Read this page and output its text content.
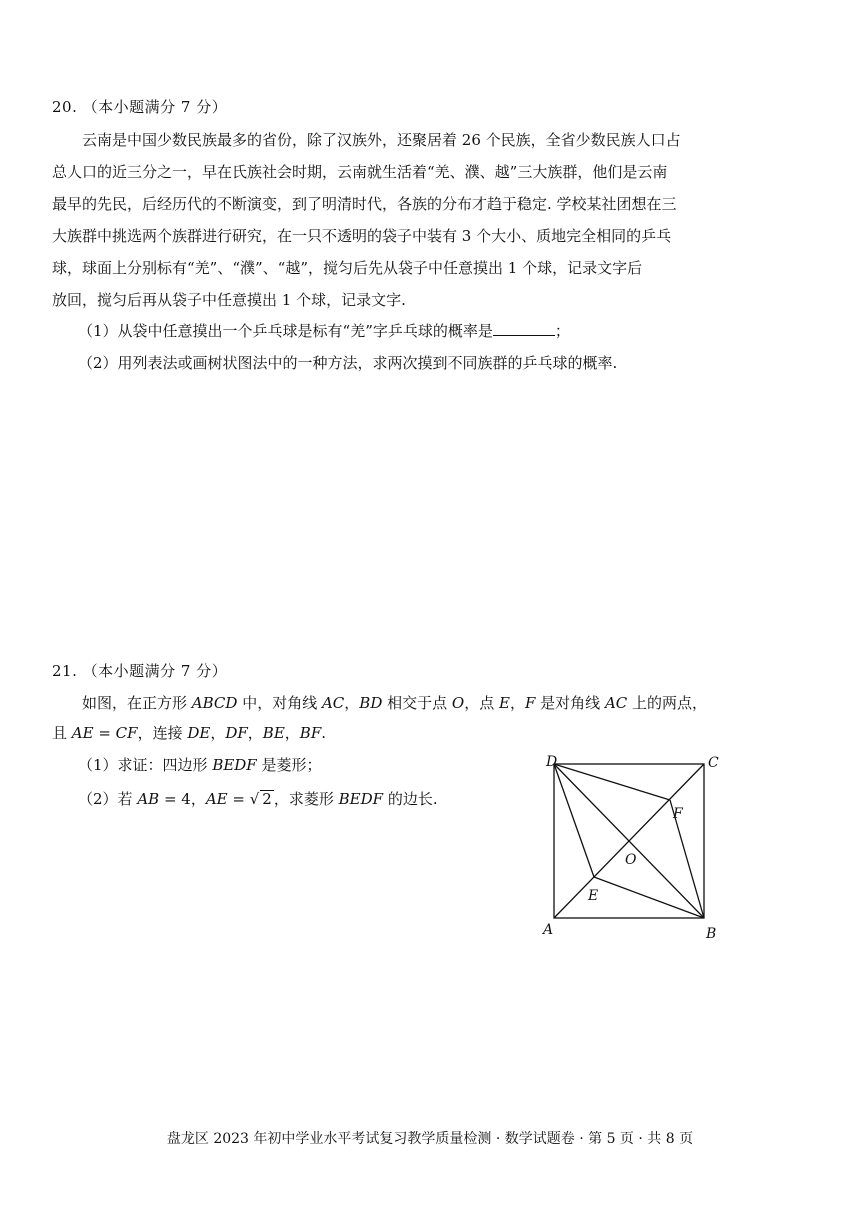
20. （本小题满分 7 分）
云南是中国少数民族最多的省份，除了汉族外，还聚居着 26 个民族，全省少数民族人口占
总人口的近三分之一，早在氏族社会时期，云南就生活着“羌、濮、越”三大族群，他们是云南
最早的先民，后经历代的不断演变，到了明清时代，各族的分布才趋于稳定. 学校某社团想在三
大族群中挑选两个族群进行研究，在一只不透明的袋子中装有 3 个大小、质地完全相同的乒乓
球，球面上分别标有“羌”、“濮”、“越”，搅匀后先从袋子中任意摸出 1 个球，记录文字后
放回，搅匀后再从袋子中任意摸出 1 个球，记录文字.
（1）从袋中任意摸出一个乒乓球是标有“羌”字乒乓球的概率是	；
（2）用列表法或画树状图法中的一种方法，求两次摸到不同族群的乒乓球的概率.
21. （本小题满分 7 分）
如图，在正方形 ABCD 中，对角线 AC，BD 相交于点 O，点 E，F 是对角线 AC 上的两点，
且 AE = CF，连接 DE，DF，BE，BF.
（1）求证：四边形 BEDF 是菱形；
（2）若 AB = 4，AE = √ 2 ，求菱形 BEDF 的边长.
D	C
A	B
O
E
F
盘龙区 2023 年初中学业水平考试复习教学质量检测 · 数学试题卷 · 第 5 页 · 共 8 页
